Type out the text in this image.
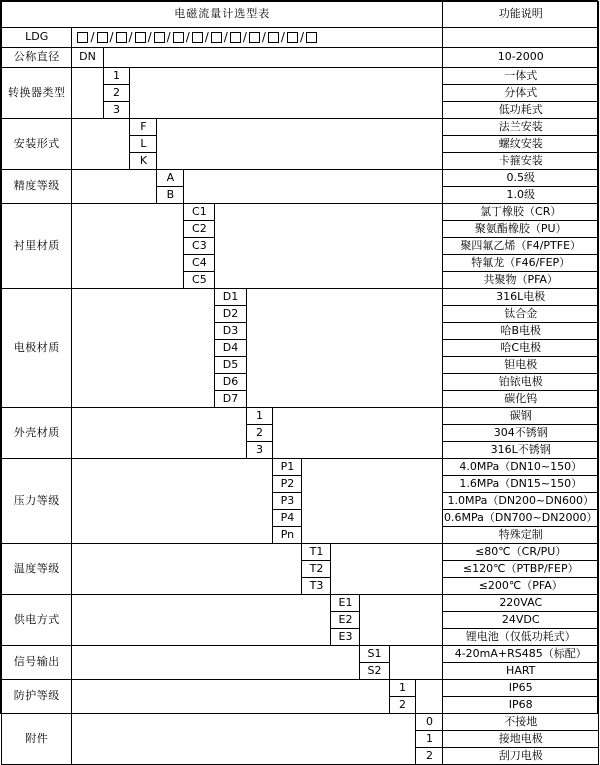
电磁流量计选型表														功能说明
LDG	/ / / / / / / / / / / /

公称直径	DN													10-2000
转换器类型		1												一体式
		2												分体式
		3												低功耗式
安装形式			F											法兰安装
			L											螺纹安装
			K											卡箍安装
精度等级				A										0.5级
				B										1.0级
衬里材质					C1									氯丁橡胶（CR）
					C2									聚氨酯橡胶（PU）
					C3									聚四氟乙烯（F4/PTFE）
					C4									特氟龙（F46/FEP）
					C5									共聚物（PFA）
电极材质						D1								316L电极
						D2								钛合金
						D3								哈B电极
						D4								哈C电极
						D5								钽电极
						D6								铂铱电极
						D7								碳化钨
外壳材质							1							碳钢
							2							304不锈钢
							3							316L不锈钢
压力等级								P1						4.0MPa（DN10~150）
								P2						1.6MPa（DN15~150）
								P3						1.0MPa（DN200~DN600）
								P4						0.6MPa（DN700~DN2000）
								Pn						特殊定制
温度等级									T1					≤80℃（CR/PU）
									T2					≤120℃（PTBP/FEP）
									T3					≤200℃（PFA）
供电方式										E1				220VAC
										E2				24VDC
										E3				锂电池（仅低功耗式）
信号输出											S1			4-20mA+RS485（标配）
											S2			HART
防护等级												1		IP65
												2		IP68
附件													0	不接地
													1	接地电极
													2	刮刀电极
